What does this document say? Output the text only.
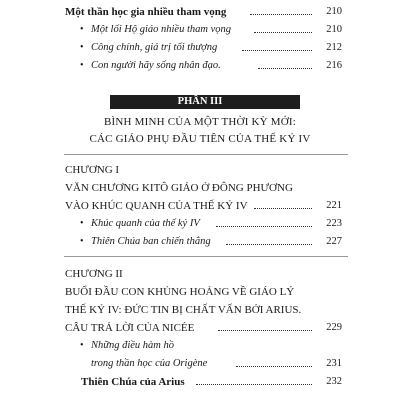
Một thần học gia nhiều tham vọng	210
• Một lối Hộ giáo nhiều tham vọng	210
• Công chính, giá trị tối thượng	212
• Con người hãy sống nhân đạo.	216
PHẦN III
BÌNH MINH CỦA MỘT THỜI KỲ MỚI:
CÁC GIÁO PHỤ ĐẦU TIÊN CỦA THẾ KỶ IV
CHƯƠNG I
VĂN CHƯƠNG KITÔ GIÁO Ở ĐÔNG PHƯƠNG
VÀO KHÚC QUANH CỦA THẾ KỶ IV	221
• Khúc quanh của thế kỷ IV	223
• Thiên Chúa ban chiến thắng	227
CHƯƠNG II
BUỔI ĐẦU CON KHỦNG HOẢNG VỀ GIÁO LÝ
THẾ KỶ IV: ĐỨC TIN BỊ CHẤT VẤN BỞI ARIUS.
CÂU TRẢ LỜI CỦA NICÉE	229
• Những điều hàm hồ
trong thần học của Origène	231
Thiên Chúa của Arius	232
